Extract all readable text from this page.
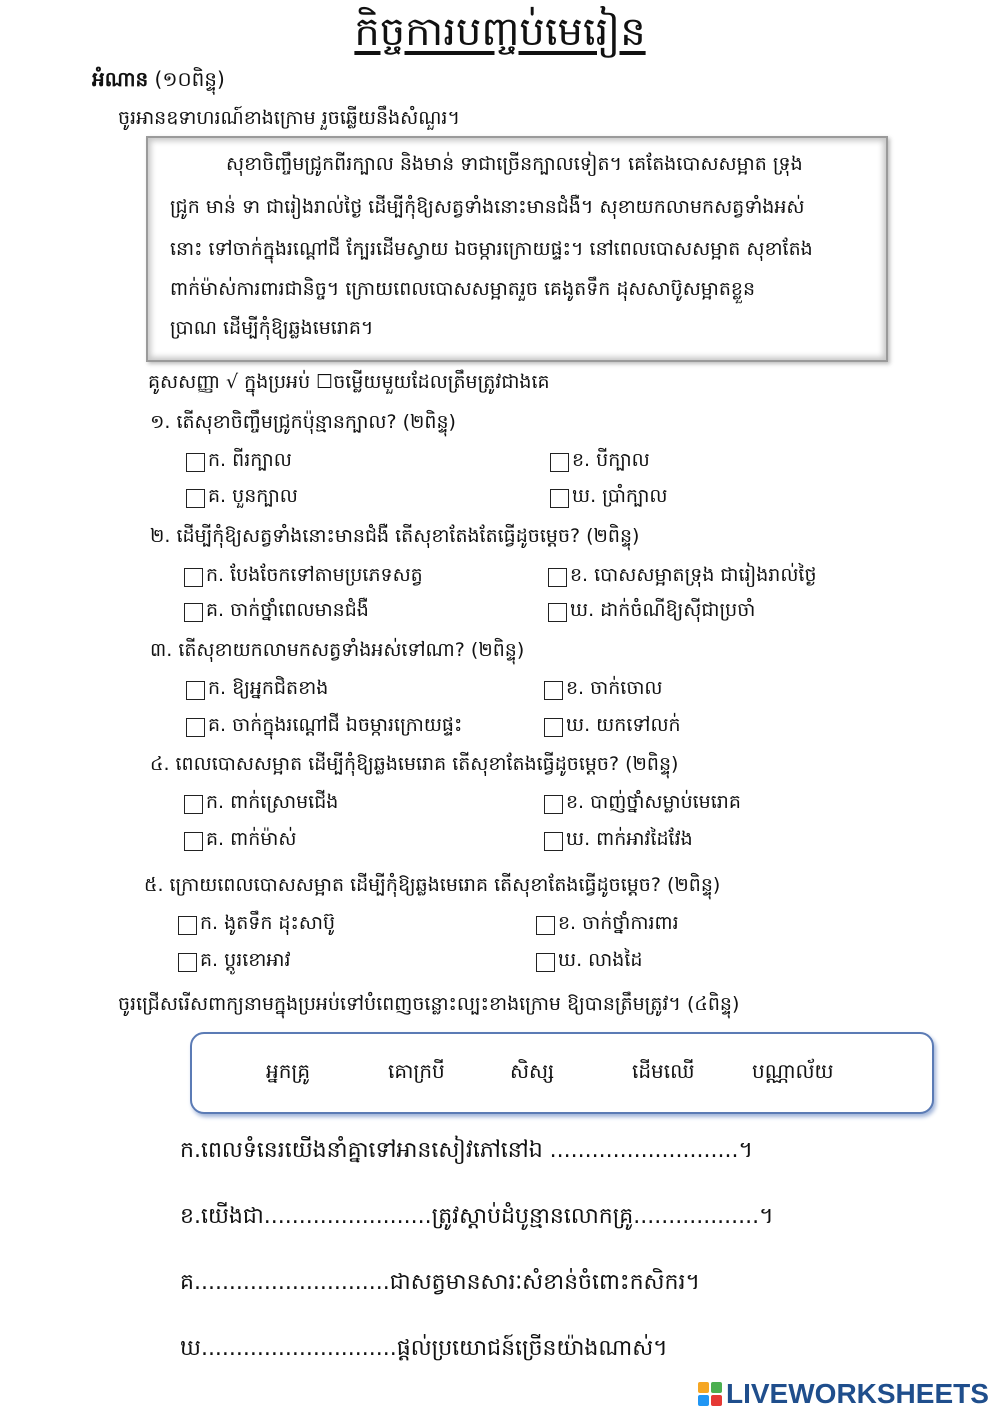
កិច្ចការបញ្ចប់មេរៀន
អំណាន (១០ពិន្ទុ)
ចូរអានឧទាហរណ៍ខាងក្រោម រួចឆ្លើយនឹងសំណួរ។
សុខាចិញ្ចឹមជ្រូកពីរក្បាល និងមាន់ ទាជាច្រើនក្បាលទៀត។ គេតែងបោសសម្អាត ទ្រុង
ជ្រូក មាន់ ទា ជារៀងរាល់ថ្ងៃ ដើម្បីកុំឱ្យសត្វទាំងនោះមានជំងឺ។ សុខាយកលាមកសត្វទាំងអស់
នោះ ទៅចាក់ក្នុងរណ្ដៅជី ក្បែរដើមស្វាយ ឯចម្ការក្រោយផ្ទះ។ នៅពេលបោសសម្អាត សុខាតែង
ពាក់ម៉ាស់ការពារជានិច្ច។ ក្រោយពេលបោសសម្អាតរួច គេងូតទឹក ដុសសាប៊ូសម្អាតខ្លួន
ប្រាណ ដើម្បីកុំឱ្យឆ្លងមេរោគ។
គូសសញ្ញា √ ក្នុងប្រអប់ ☐ចម្លើយមួយដែលត្រឹមត្រូវជាងគេ
១. តើសុខាចិញ្ចឹមជ្រូកប៉ុន្មានក្បាល? (២ពិន្ទុ)
ក. ពីរក្បាល	ខ. បីក្បាល
គ. បួនក្បាល	ឃ. ប្រាំក្បាល
២. ដើម្បីកុំឱ្យសត្វទាំងនោះមានជំងឺ តើសុខាតែងតែធ្វើដូចម្ដេច? (២ពិន្ទុ)
ក. បែងចែកទៅតាមប្រភេទសត្វ	ខ. បោសសម្អាតទ្រុង ជារៀងរាល់ថ្ងៃ
គ. ចាក់ថ្នាំពេលមានជំងឺ	ឃ. ដាក់ចំណីឱ្យស៊ីជាប្រចាំ
៣. តើសុខាយកលាមកសត្វទាំងអស់ទៅណា? (២ពិន្ទុ)
ក. ឱ្យអ្នកជិតខាង	ខ. ចាក់ចោល
គ. ចាក់ក្នុងរណ្ដៅជី ឯចម្ការក្រោយផ្ទះ	ឃ. យកទៅលក់
៤. ពេលបោសសម្អាត ដើម្បីកុំឱ្យឆ្លងមេរោគ តើសុខាតែងធ្វើដូចម្ដេច? (២ពិន្ទុ)
ក. ពាក់ស្រោមជើង	ខ. បាញ់ថ្នាំសម្លាប់មេរោគ
គ. ពាក់ម៉ាស់	ឃ. ពាក់អាវដៃវែង
៥. ក្រោយពេលបោសសម្អាត ដើម្បីកុំឱ្យឆ្លងមេរោគ តើសុខាតែងធ្វើដូចម្ដេច? (២ពិន្ទុ)
ក. ងូតទឹក ដុះសាប៊ូ	ខ. ចាក់ថ្នាំការពារ
គ. ប្ដូរខោអាវ	ឃ. លាងដៃ
ចូរជ្រើសរើសពាក្យនាមក្នុងប្រអប់ទៅបំពេញចន្លោះល្បះខាងក្រោម ឱ្យបានត្រឹមត្រូវ។ (៤ពិន្ទុ)
អ្នកគ្រូ	គោក្របី	សិស្ស	ដើមឈើ	បណ្ណាល័យ
ក.ពេលទំនេរយើងនាំគ្នាទៅអានសៀវភៅនៅឯ ...........................។
ខ.យើងជា........................ត្រូវស្ដាប់ដំបូន្មានលោកគ្រូ..................។
គ............................ជាសត្វមានសារៈសំខាន់ចំពោះកសិករ។
ឃ............................ផ្ដល់ប្រយោជន៍ច្រើនយ៉ាងណាស់។
LIVEWORKSHEETS
